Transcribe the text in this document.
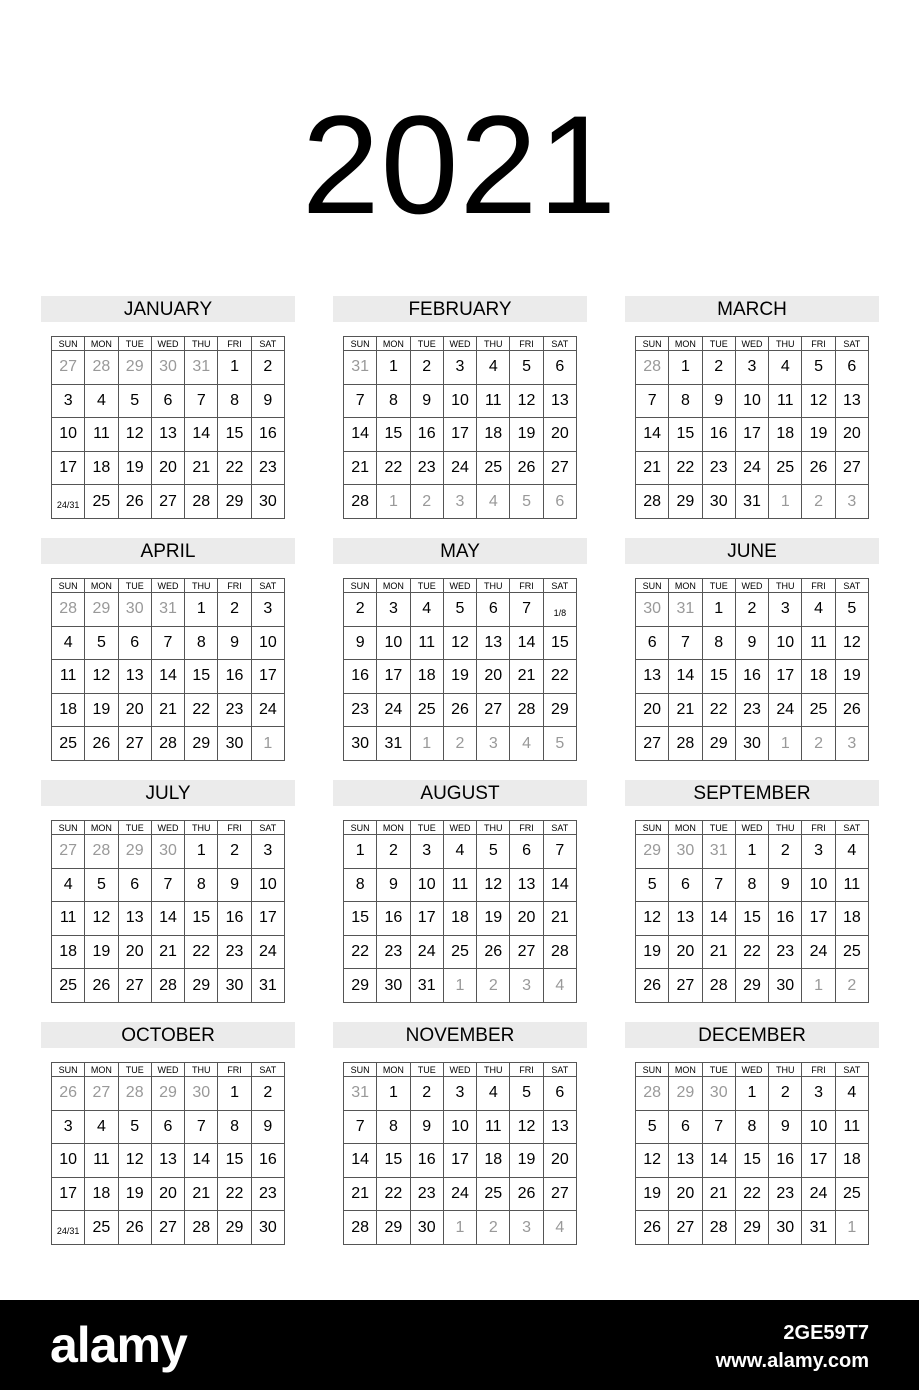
2021
JANUARY
SUN	MON	TUE	WED	THU	FRI	SAT
27	28	29	30	31	1	2
3	4	5	6	7	8	9
10	11	12	13	14	15	16
17	18	19	20	21	22	23
24/31	25	26	27	28	29	30
FEBRUARY
SUN	MON	TUE	WED	THU	FRI	SAT
31	1	2	3	4	5	6
7	8	9	10	11	12	13
14	15	16	17	18	19	20
21	22	23	24	25	26	27
28	1	2	3	4	5	6
MARCH
SUN	MON	TUE	WED	THU	FRI	SAT
28	1	2	3	4	5	6
7	8	9	10	11	12	13
14	15	16	17	18	19	20
21	22	23	24	25	26	27
28	29	30	31	1	2	3
APRIL
SUN	MON	TUE	WED	THU	FRI	SAT
28	29	30	31	1	2	3
4	5	6	7	8	9	10
11	12	13	14	15	16	17
18	19	20	21	22	23	24
25	26	27	28	29	30	1
MAY
SUN	MON	TUE	WED	THU	FRI	SAT
2	3	4	5	6	7	1/8
9	10	11	12	13	14	15
16	17	18	19	20	21	22
23	24	25	26	27	28	29
30	31	1	2	3	4	5
JUNE
SUN	MON	TUE	WED	THU	FRI	SAT
30	31	1	2	3	4	5
6	7	8	9	10	11	12
13	14	15	16	17	18	19
20	21	22	23	24	25	26
27	28	29	30	1	2	3
JULY
SUN	MON	TUE	WED	THU	FRI	SAT
27	28	29	30	1	2	3
4	5	6	7	8	9	10
11	12	13	14	15	16	17
18	19	20	21	22	23	24
25	26	27	28	29	30	31
AUGUST
SUN	MON	TUE	WED	THU	FRI	SAT
1	2	3	4	5	6	7
8	9	10	11	12	13	14
15	16	17	18	19	20	21
22	23	24	25	26	27	28
29	30	31	1	2	3	4
SEPTEMBER
SUN	MON	TUE	WED	THU	FRI	SAT
29	30	31	1	2	3	4
5	6	7	8	9	10	11
12	13	14	15	16	17	18
19	20	21	22	23	24	25
26	27	28	29	30	1	2
OCTOBER
SUN	MON	TUE	WED	THU	FRI	SAT
26	27	28	29	30	1	2
3	4	5	6	7	8	9
10	11	12	13	14	15	16
17	18	19	20	21	22	23
24/31	25	26	27	28	29	30
NOVEMBER
SUN	MON	TUE	WED	THU	FRI	SAT
31	1	2	3	4	5	6
7	8	9	10	11	12	13
14	15	16	17	18	19	20
21	22	23	24	25	26	27
28	29	30	1	2	3	4
DECEMBER
SUN	MON	TUE	WED	THU	FRI	SAT
28	29	30	1	2	3	4
5	6	7	8	9	10	11
12	13	14	15	16	17	18
19	20	21	22	23	24	25
26	27	28	29	30	31	1
alamy	2GE59T7
www.alamy.com
